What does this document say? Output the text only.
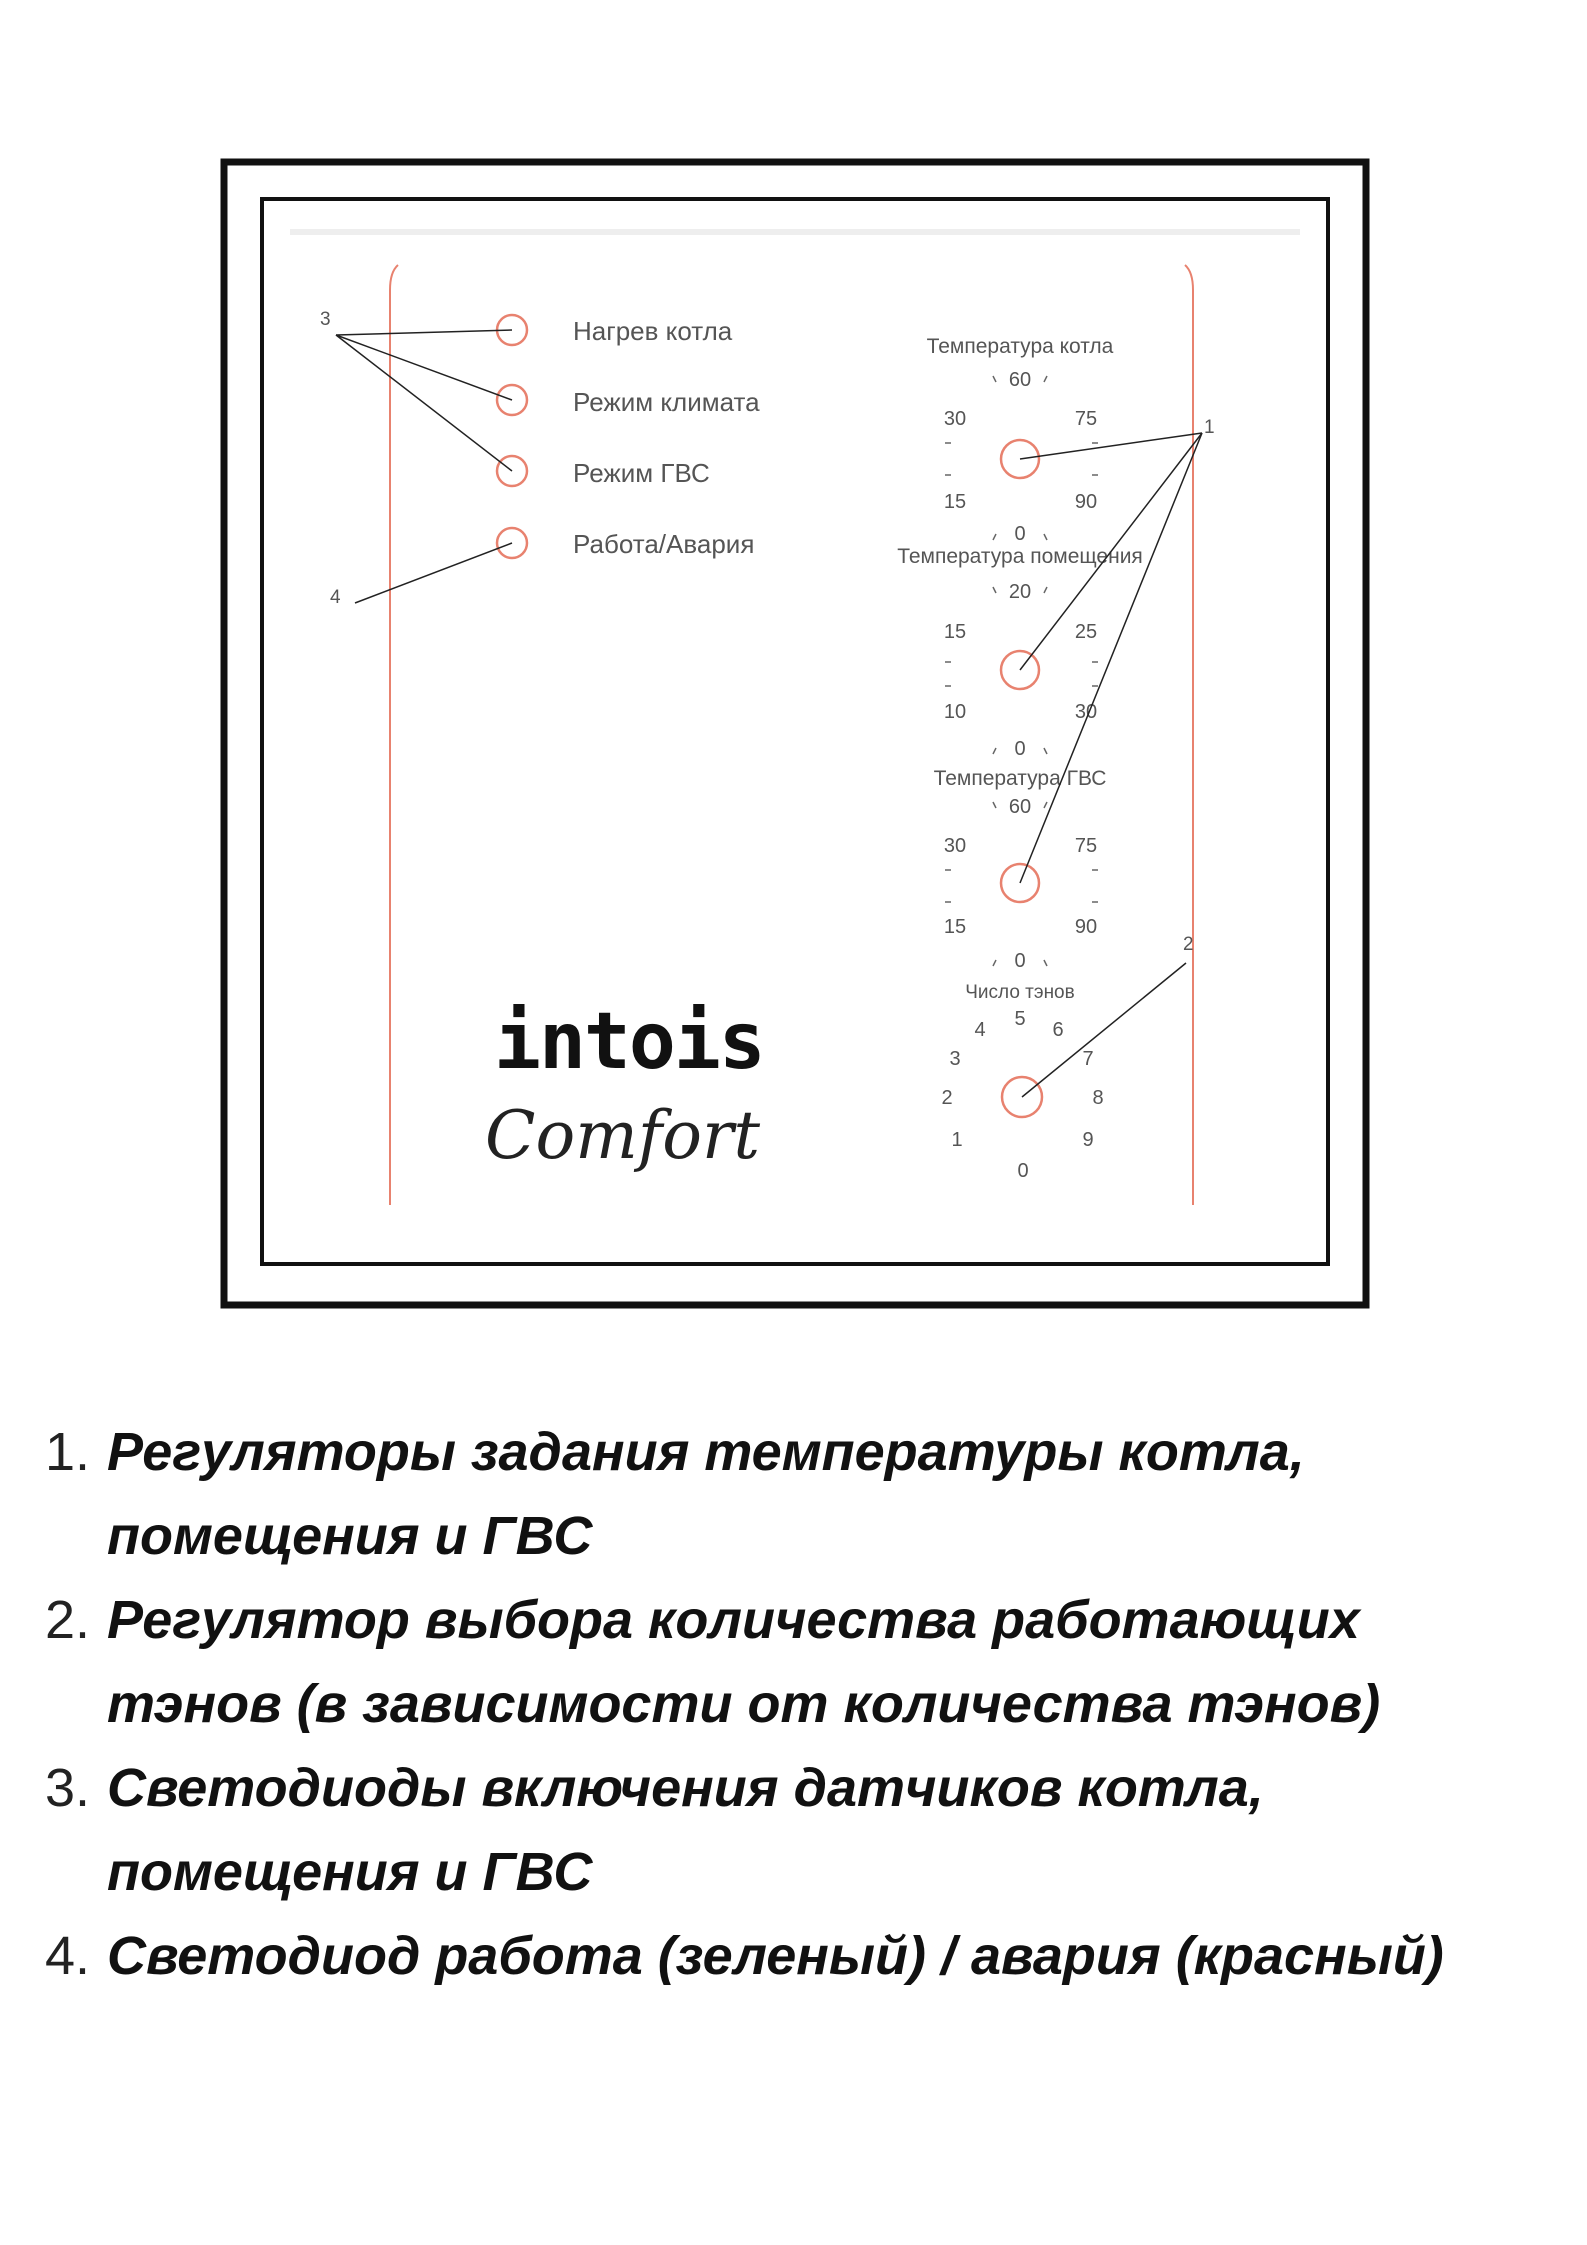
Нагрев котла
Режим климата
Режим ГВС
Работа/Авария
Температура котла
60
30	75
15	90
0
Температура помещения
20
15	25
10	30
0
Температура ГВС
60
30	75
15	90
0
Число тэнов
5
4	6
3	7
2	8
1	9
0
1
2
3
4
intois
Comfort
1. Регуляторы задания температуры котла, помещения и ГВС
2. Регулятор выбора количества работающих тэнов (в зависимости от количества тэнов)
3. Светодиоды включения датчиков котла, помещения и ГВС
4. Светодиод работа (зеленый) / авария (красный)
